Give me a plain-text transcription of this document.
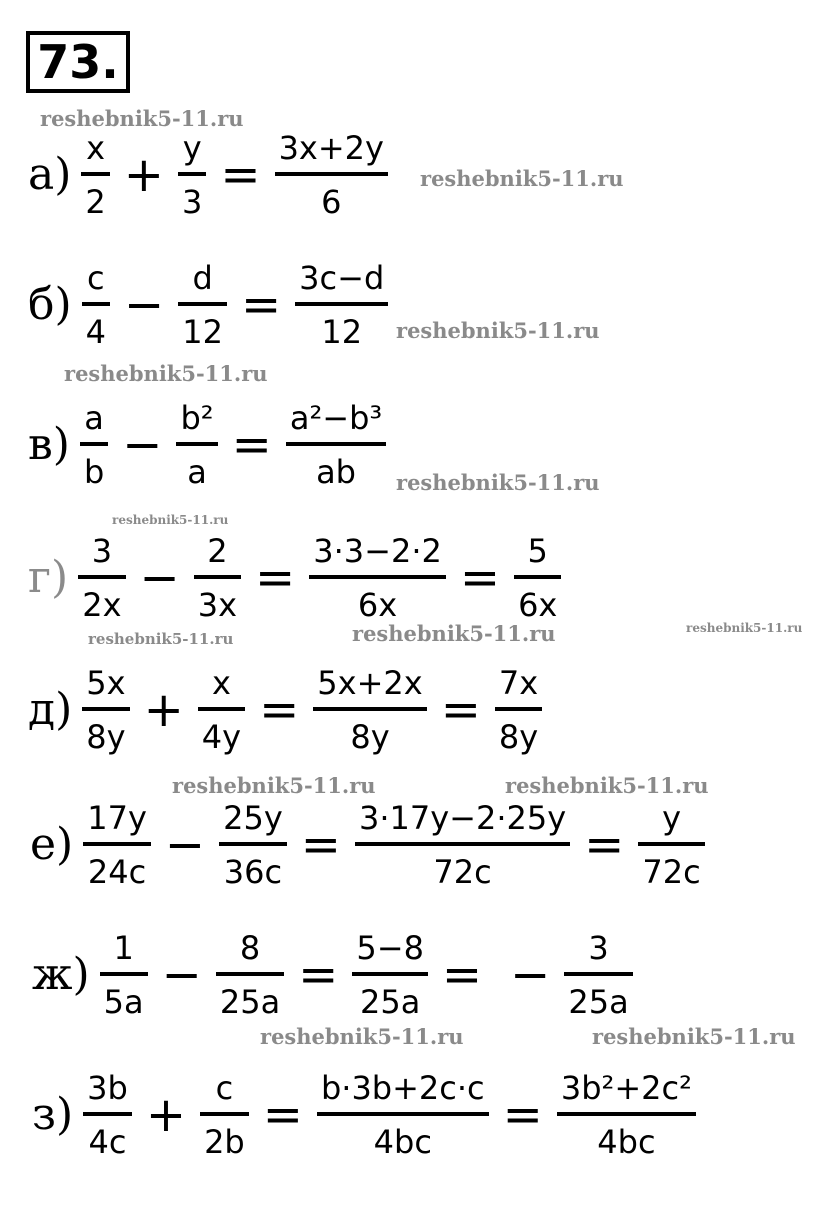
73.
reshebnik5-11.ru
reshebnik5-11.ru
reshebnik5-11.ru
reshebnik5-11.ru
reshebnik5-11.ru
reshebnik5-11.ru
reshebnik5-11.ru	reshebnik5-11.ru
reshebnik5-11.ru
reshebnik5-11.ru	reshebnik5-11.ru
reshebnik5-11.ru	reshebnik5-11.ru
$а) \frac{x}{2} + \frac{y}{3} = \frac{3x+2y}{6}$
$б) \frac{c}{4} - \frac{d}{12} = \frac{3c-d}{12}$
$в) \frac{a}{b} - \frac{\text{b²}}{a} = \frac{\text{a²−b³}}{ab}$
$г) \frac{3}{2x} - \frac{2}{3x} = \frac{3\cdot 3-2\cdot 2}{6x} = \frac{5}{6x}$
$д) \frac{5x}{8y} + \frac{x}{4y} = \frac{5x+2x}{8y} = \frac{7x}{8y}$
$е) \frac{17y}{24c} - \frac{25y}{36c} = \frac{3\cdot 17y-2\cdot 25y}{72c} = \frac{y}{72c}$
$ж) \frac{1}{5a} - \frac{8}{25a} = \frac{5-8}{25a}$ = − $\frac{3}{25a}$
$з) \frac{3b}{4c} + \frac{c}{2b} = \frac{b\cdot 3b+2c\cdot c}{4bc} = \frac{\text{3b²+2c²}}{4bc}$
